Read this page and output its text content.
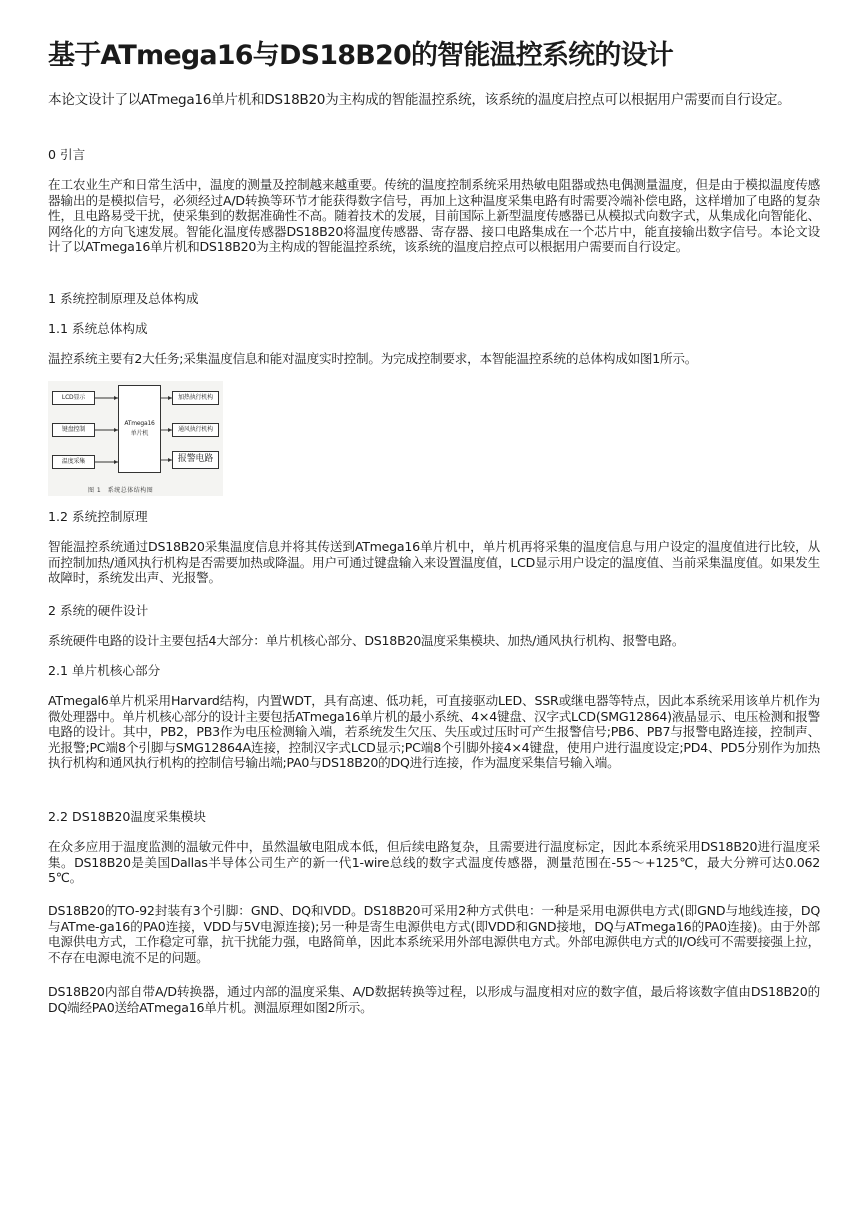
基于ATmega16与DS18B20的智能温控系统的设计

本论文设计了以ATmega16单片机和DS18B20为主构成的智能温控系统，该系统的温度启控点可以根据用户需要而自行设定。

0 引言

在工农业生产和日常生活中，温度的测量及控制越来越重要。传统的温度控制系统采用热敏电阻器或热电偶测量温度，但是由于模拟温度传感器输出的是模拟信号，必须经过A/D转换等环节才能获得数字信号，再加上这种温度采集电路有时需要冷端补偿电路，这样增加了电路的复杂性，且电路易受干扰，使采集到的数据准确性不高。随着技术的发展，目前国际上新型温度传感器已从模拟式向数字式，从集成化向智能化、网络化的方向飞速发展。智能化温度传感器DS18B20将温度传感器、寄存器、接口电路集成在一个芯片中，能直接输出数字信号。本论文设计了以ATmega16单片机和DS18B20为主构成的智能温控系统，该系统的温度启控点可以根据用户需要而自行设定。

1 系统控制原理及总体构成

1.1 系统总体构成

温控系统主要有2大任务;采集温度信息和能对温度实时控制。为完成控制要求，本智能温控系统的总体构成如图1所示。

LCD显示
键盘控制
温度采集
ATmega16
单片机
加热执行机构
通风执行机构
报警电路
图 1　系统总体结构图

1.2 系统控制原理

智能温控系统通过DS18B20采集温度信息并将其传送到ATmega16单片机中，单片机再将采集的温度信息与用户设定的温度值进行比较，从而控制加热/通风执行机构是否需要加热或降温。用户可通过键盘输入来设置温度值，LCD显示用户设定的温度值、当前采集温度值。如果发生故障时，系统发出声、光报警。

2 系统的硬件设计

系统硬件电路的设计主要包括4大部分：单片机核心部分、DS18B20温度采集模块、加热/通风执行机构、报警电路。

2.1 单片机核心部分

ATmegal6单片机采用Harvard结构，内置WDT，具有高速、低功耗，可直接驱动LED、SSR或继电器等特点，因此本系统采用该单片机作为微处理器中。单片机核心部分的设计主要包括ATmega16单片机的最小系统、4×4键盘、汉字式LCD(SMG12864)液晶显示、电压检测和报警电路的设计。其中，PB2，PB3作为电压检测输入端，若系统发生欠压、失压或过压时可产生报警信号;PB6、PB7与报警电路连接，控制声、光报警;PC端8个引脚与SMG12864A连接，控制汉字式LCD显示;PC端8个引脚外接4×4键盘，使用户进行温度设定;PD4、PD5分别作为加热执行机构和通风执行机构的控制信号输出端;PA0与DS18B20的DQ进行连接，作为温度采集信号输入端。

2.2 DS18B20温度采集模块

在众多应用于温度监测的温敏元件中，虽然温敏电阻成本低，但后续电路复杂，且需要进行温度标定，因此本系统采用DS18B20进行温度采集。DS18B20是美国Dallas半导体公司生产的新一代1-wire总线的数字式温度传感器，测量范围在-55～+125℃，最大分辨可达0.062 5℃。

DS18B20的TO-92封装有3个引脚：GND、DQ和VDD。DS18B20可采用2种方式供电：一种是采用电源供电方式(即GND与地线连接，DQ与ATme-ga16的PA0连接，VDD与5V电源连接);另一种是寄生电源供电方式(即VDD和GND接地，DQ与ATmega16的PA0连接)。由于外部电源供电方式，工作稳定可靠，抗干扰能力强，电路简单，因此本系统采用外部电源供电方式。外部电源供电方式的I/O线可不需要接强上拉，不存在电源电流不足的问题。

DS18B20内部自带A/D转换器，通过内部的温度采集、A/D数据转换等过程，以形成与温度相对应的数字值，最后将该数字值由DS18B20的DQ端经PA0送给ATmega16单片机。测温原理如图2所示。
